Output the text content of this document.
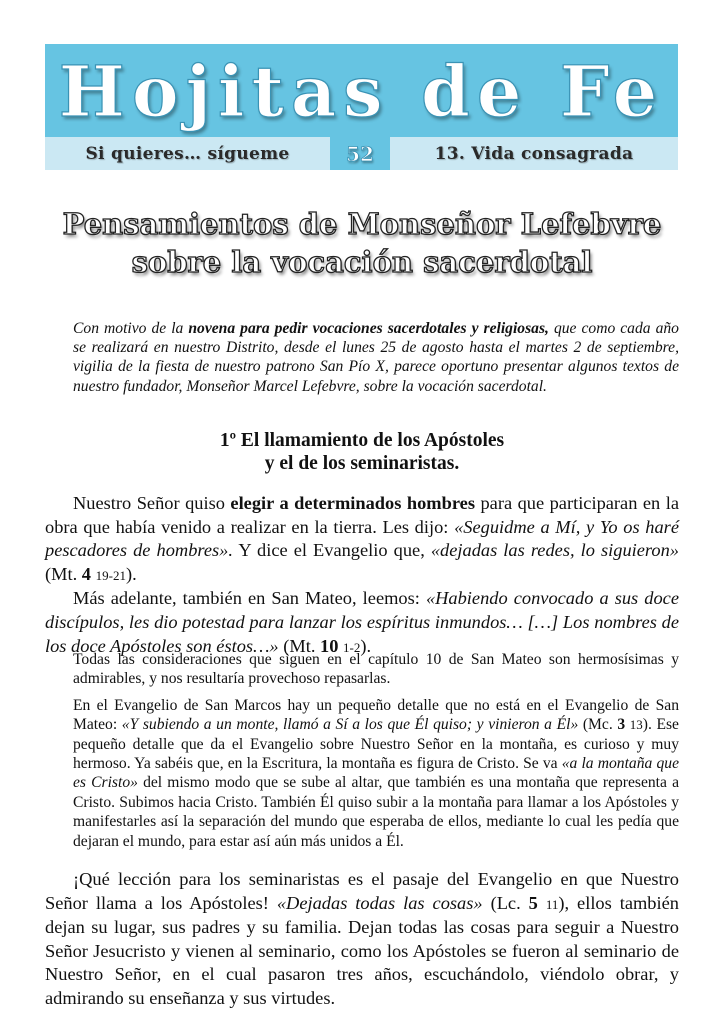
Hojitas de Fe
Si quieres… sígueme	52	13. Vida consagrada
Pensamientos de Monseñor Lefebvre
sobre la vocación sacerdotal
Con motivo de la novena para pedir vocaciones sacerdotales y religiosas, que como cada año se realizará en nuestro Distrito, desde el lunes 25 de agosto hasta el martes 2 de septiembre, vigilia de la fiesta de nuestro patrono San Pío X, parece oportuno presentar algunos textos de nuestro fundador, Monseñor Marcel Lefebvre, sobre la vocación sacerdotal.
1º El llamamiento de los Apóstoles
y el de los seminaristas.

Nuestro Señor quiso elegir a determinados hombres para que participaran en la obra que había venido a realizar en la tierra. Les dijo: «Seguidme a Mí, y Yo os haré pescadores de hombres». Y dice el Evangelio que, «dejadas las redes, lo siguieron» (Mt. 4 19-21).

Más adelante, también en San Mateo, leemos: «Habiendo convocado a sus doce discípulos, les dio potestad para lanzar los espíritus inmundos… […] Los nombres de los doce Apóstoles son éstos…» (Mt. 10 1-2).

Todas las consideraciones que siguen en el capítulo 10 de San Mateo son hermosísimas y admirables, y nos resultaría provechoso repasarlas.

En el Evangelio de San Marcos hay un pequeño detalle que no está en el Evangelio de San Mateo: «Y subiendo a un monte, llamó a Sí a los que Él quiso; y vinieron a Él» (Mc. 3 13). Ese pequeño detalle que da el Evangelio sobre Nuestro Señor en la montaña, es curioso y muy hermoso. Ya sabéis que, en la Escritura, la montaña es figura de Cristo. Se va «a la montaña que es Cristo» del mismo modo que se sube al altar, que también es una montaña que representa a Cristo. Subimos hacia Cristo. También Él quiso subir a la montaña para llamar a los Apóstoles y manifestarles así la separación del mundo que esperaba de ellos, mediante lo cual les pedía que dejaran el mundo, para estar así aún más unidos a Él.

¡Qué lección para los seminaristas es el pasaje del Evangelio en que Nuestro Señor llama a los Apóstoles! «Dejadas todas las cosas» (Lc. 5 11), ellos también dejan su lugar, sus padres y su familia. Dejan todas las cosas para seguir a Nuestro Señor Jesucristo y vienen al seminario, como los Apóstoles se fueron al seminario de Nuestro Señor, en el cual pasaron tres años, escuchándolo, viéndolo obrar, y admirando su enseñanza y sus virtudes.
